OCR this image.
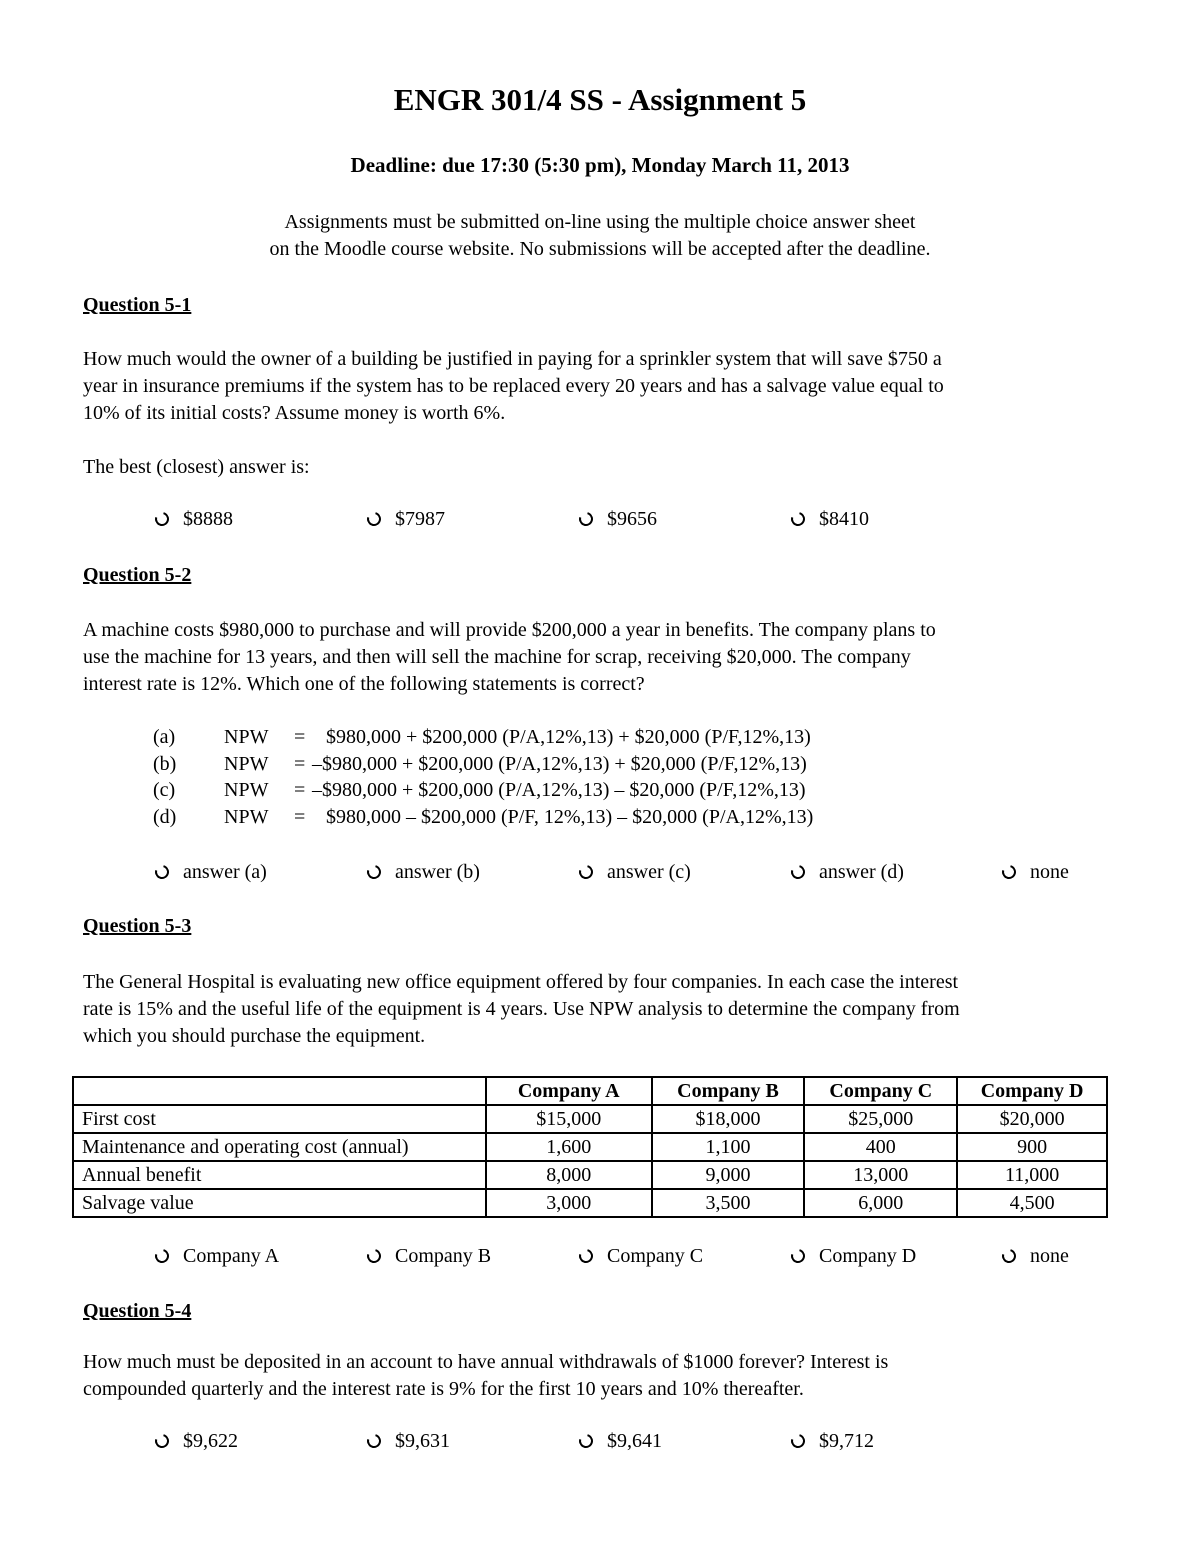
ENGR 301/4 SS - Assignment 5
Deadline: due 17:30 (5:30 pm), Monday March 11, 2013
Assignments must be submitted on-line using the multiple choice answer sheet
on the Moodle course website. No submissions will be accepted after the deadline.
Question 5-1
How much would the owner of a building be justified in paying for a sprinkler system that will save $750 a
year in insurance premiums if the system has to be replaced every 20 years and has a salvage value equal to
10% of its initial costs? Assume money is worth 6%.
The best (closest) answer is:
$8888	$7987	$9656	$8410
Question 5-2
A machine costs $980,000 to purchase and will provide $200,000 a year in benefits. The company plans to
use the machine for 13 years, and then will sell the machine for scrap, receiving $20,000. The company
interest rate is 12%. Which one of the following statements is correct?
(a) NPW = $980,000 + $200,000 (P/A,12%,13) + $20,000 (P/F,12%,13)
(b) NPW = –$980,000 + $200,000 (P/A,12%,13) + $20,000 (P/F,12%,13)
(c) NPW = –$980,000 + $200,000 (P/A,12%,13) – $20,000 (P/F,12%,13)
(d) NPW = $980,000 – $200,000 (P/F, 12%,13) – $20,000 (P/A,12%,13)
answer (a)	answer (b)	answer (c)	answer (d)	none
Question 5-3
The General Hospital is evaluating new office equipment offered by four companies. In each case the interest
rate is 15% and the useful life of the equipment is 4 years. Use NPW analysis to determine the company from
which you should purchase the equipment.
	Company A	Company B	Company C	Company D
First cost	$15,000	$18,000	$25,000	$20,000
Maintenance and operating cost (annual)	1,600	1,100	400	900
Annual benefit	8,000	9,000	13,000	11,000
Salvage value	3,000	3,500	6,000	4,500
Company A	Company B	Company C	Company D	none
Question 5-4
How much must be deposited in an account to have annual withdrawals of $1000 forever? Interest is
compounded quarterly and the interest rate is 9% for the first 10 years and 10% thereafter.
$9,622	$9,631	$9,641	$9,712
